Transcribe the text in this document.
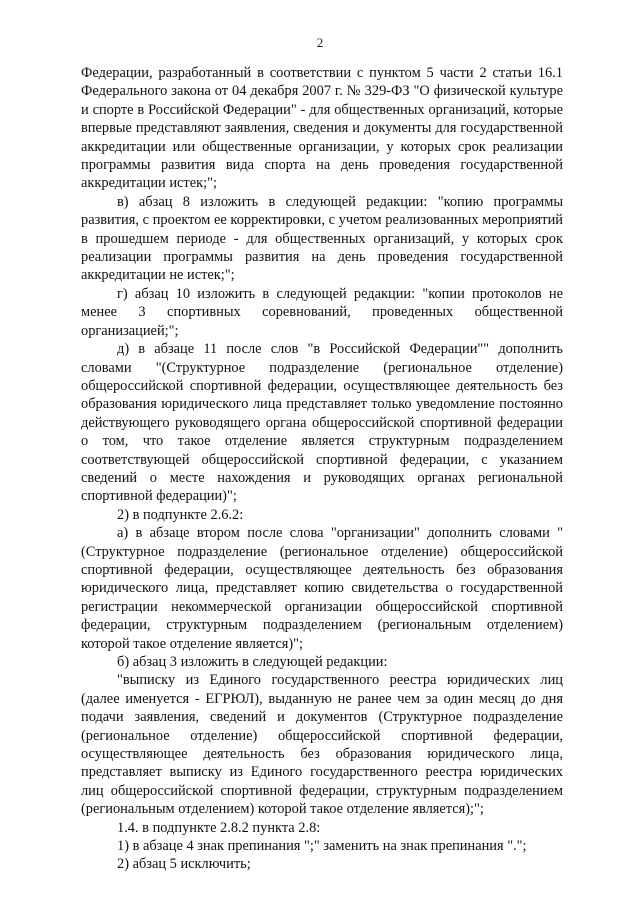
2

Федерации, разработанный в соответствии с пунктом 5 части 2 статьи 16.1 Федерального закона от 04 декабря 2007 г. № 329-ФЗ "О физической культуре и спорте в Российской Федерации" - для общественных организаций, которые впервые представляют заявления, сведения и документы для государственной аккредитации или общественные организации, у которых срок реализации программы развития вида спорта на день проведения государственной аккредитации истек;";

в) абзац 8 изложить в следующей редакции: "копию программы развития, с проектом ее корректировки, с учетом реализованных мероприятий в прошедшем периоде - для общественных организаций, у которых срок реализации программы развития на день проведения государственной аккредитации не истек;";

г) абзац 10 изложить в следующей редакции: "копии протоколов не менее 3 спортивных соревнований, проведенных общественной организацией;";

д) в абзаце 11 после слов "в Российской Федерации"" дополнить словами "(Структурное подразделение (региональное отделение) общероссийской спортивной федерации, осуществляющее деятельность без образования юридического лица представляет только уведомление постоянно действующего руководящего органа общероссийской спортивной федерации о том, что такое отделение является структурным подразделением соответствующей общероссийской спортивной федерации, с указанием сведений о месте нахождения и руководящих органах региональной спортивной федерации)";

2) в подпункте 2.6.2:

а) в абзаце втором после слова "организации" дополнить словами "(Структурное подразделение (региональное отделение) общероссийской спортивной федерации, осуществляющее деятельность без образования юридического лица, представляет копию свидетельства о государственной регистрации некоммерческой организации общероссийской спортивной федерации, структурным подразделением (региональным отделением) которой такое отделение является)";

б) абзац 3 изложить в следующей редакции:

"выписку из Единого государственного реестра юридических лиц (далее именуется - ЕГРЮЛ), выданную не ранее чем за один месяц до дня подачи заявления, сведений и документов (Структурное подразделение (региональное отделение) общероссийской спортивной федерации, осуществляющее деятельность без образования юридического лица, представляет выписку из Единого государственного реестра юридических лиц общероссийской спортивной федерации, структурным подразделением (региональным отделением) которой такое отделение является);";

1.4. в подпункте 2.8.2 пункта 2.8:

1) в абзаце 4 знак препинания ";" заменить на знак препинания ".";

2) абзац 5 исключить;
